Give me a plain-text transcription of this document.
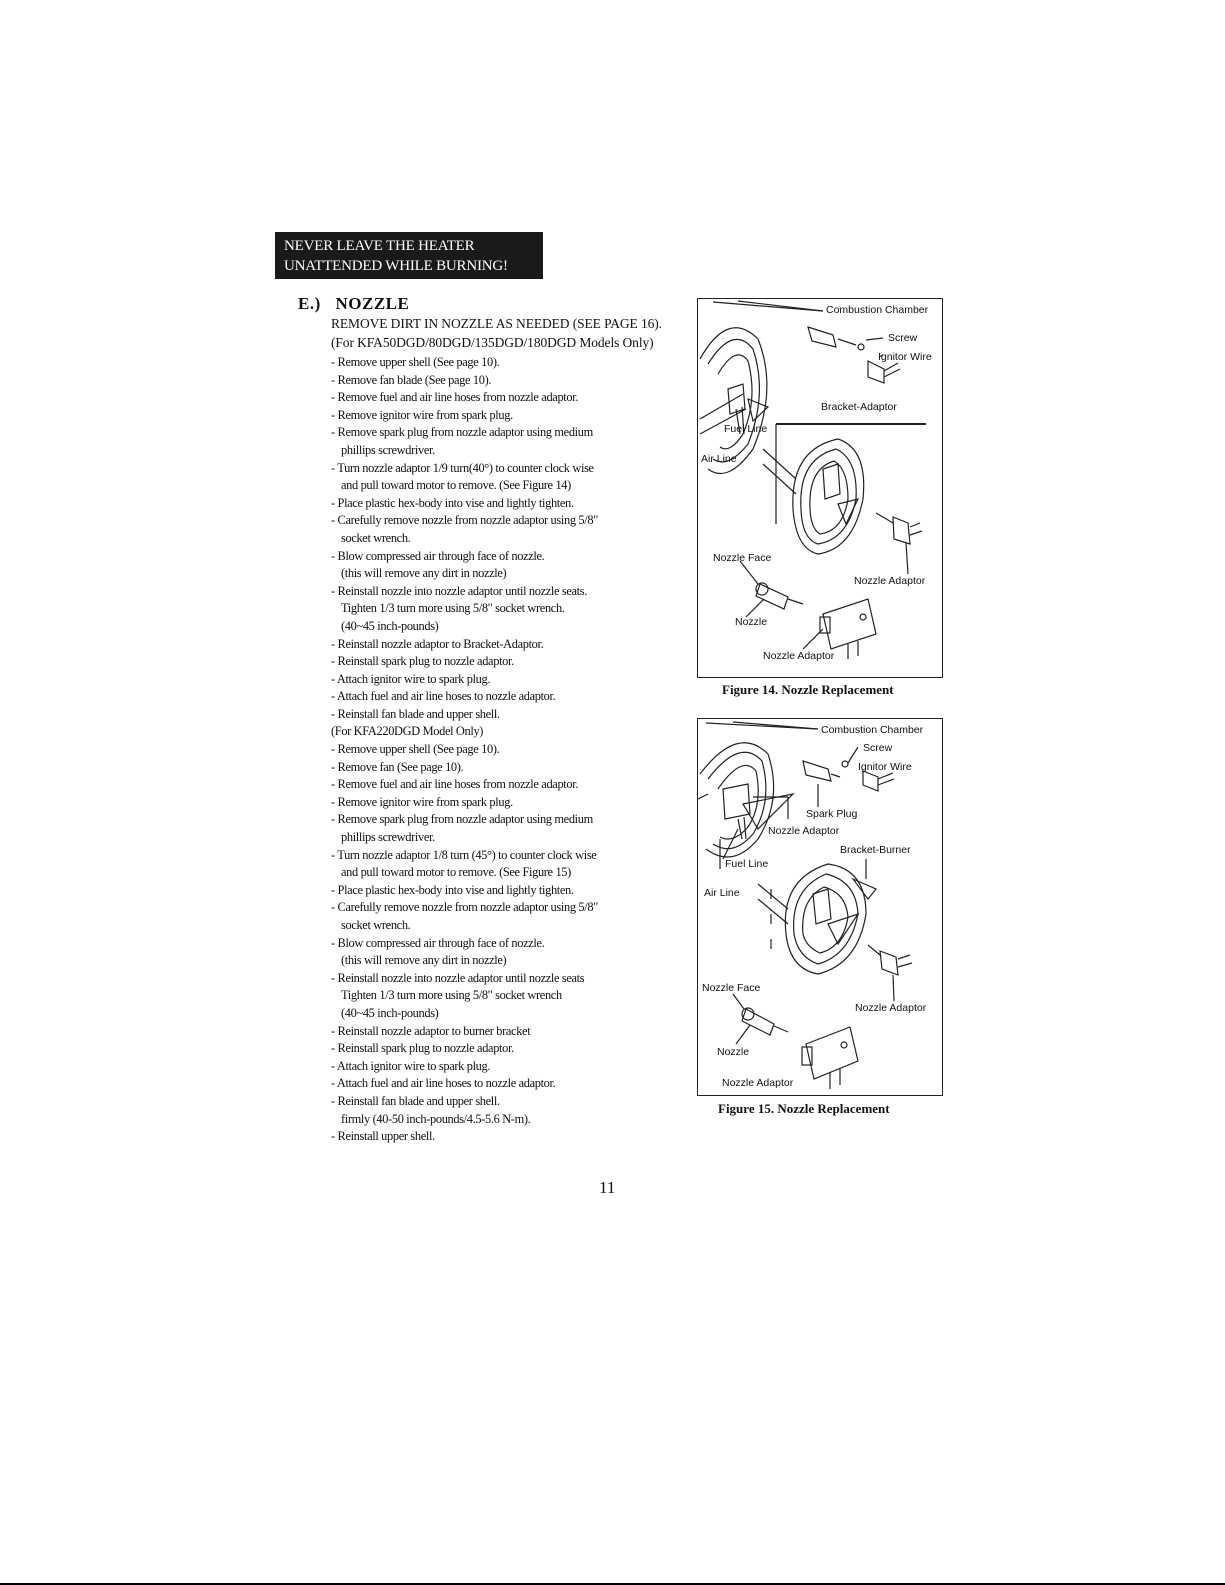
NEVER LEAVE THE HEATER
UNATTENDED WHILE BURNING!
E.) NOZZLE
REMOVE DIRT IN NOZZLE AS NEEDED (SEE PAGE 16).
(For KFA50DGD/80DGD/135DGD/180DGD Models Only)
- Remove upper shell (See page 10).
- Remove fan blade (See page 10).
- Remove fuel and air line hoses from nozzle adaptor.
- Remove ignitor wire from spark plug.
- Remove spark plug from nozzle adaptor using medium
phillips screwdriver.
- Turn nozzle adaptor 1/9 turn(40°) to counter clock wise
and pull toward motor to remove. (See Figure 14)
- Place plastic hex-body into vise and lightly tighten.
- Carefully remove nozzle from nozzle adaptor using 5/8"
socket wrench.
- Blow compressed air through face of nozzle.
(this will remove any dirt in nozzle)
- Reinstall nozzle into nozzle adaptor until nozzle seats.
Tighten 1/3 turn more using 5/8" socket wrench.
(40~45 inch-pounds)
- Reinstall nozzle adaptor to Bracket-Adaptor.
- Reinstall spark plug to nozzle adaptor.
- Attach ignitor wire to spark plug.
- Attach fuel and air line hoses to nozzle adaptor.
- Reinstall fan blade and upper shell.
(For KFA220DGD Model Only)
- Remove upper shell (See page 10).
- Remove fan (See page 10).
- Remove fuel and air line hoses from nozzle adaptor.
- Remove ignitor wire from spark plug.
- Remove spark plug from nozzle adaptor using medium
phillips screwdriver.
- Turn nozzle adaptor 1/8 turn (45°) to counter clock wise
and pull toward motor to remove. (See Figure 15)
- Place plastic hex-body into vise and lightly tighten.
- Carefully remove nozzle from nozzle adaptor using 5/8"
socket wrench.
- Blow compressed air through face of nozzle.
(this will remove any dirt in nozzle)
- Reinstall nozzle into nozzle adaptor until nozzle seats
Tighten 1/3 turn more using 5/8" socket wrench
(40~45 inch-pounds)
- Reinstall nozzle adaptor to burner bracket
- Reinstall spark plug to nozzle adaptor.
- Attach ignitor wire to spark plug.
- Attach fuel and air line hoses to nozzle adaptor.
- Reinstall fan blade and upper shell.
firmly (40-50 inch-pounds/4.5-5.6 N-m).
- Reinstall upper shell.
Combustion Chamber
Screw
Ignitor Wire
Bracket-Adaptor
Fuel Line
Air Line
Nozzle Face
Nozzle Adaptor
Nozzle
Nozzle Adaptor
Figure 14. Nozzle Replacement
Combustion Chamber
Screw
Ignitor Wire
Spark Plug
Nozzle Adaptor
Bracket-Burner
Fuel Line
Air Line
Nozzle Face
Nozzle Adaptor
Nozzle
Nozzle Adaptor
Figure 15. Nozzle Replacement
11
